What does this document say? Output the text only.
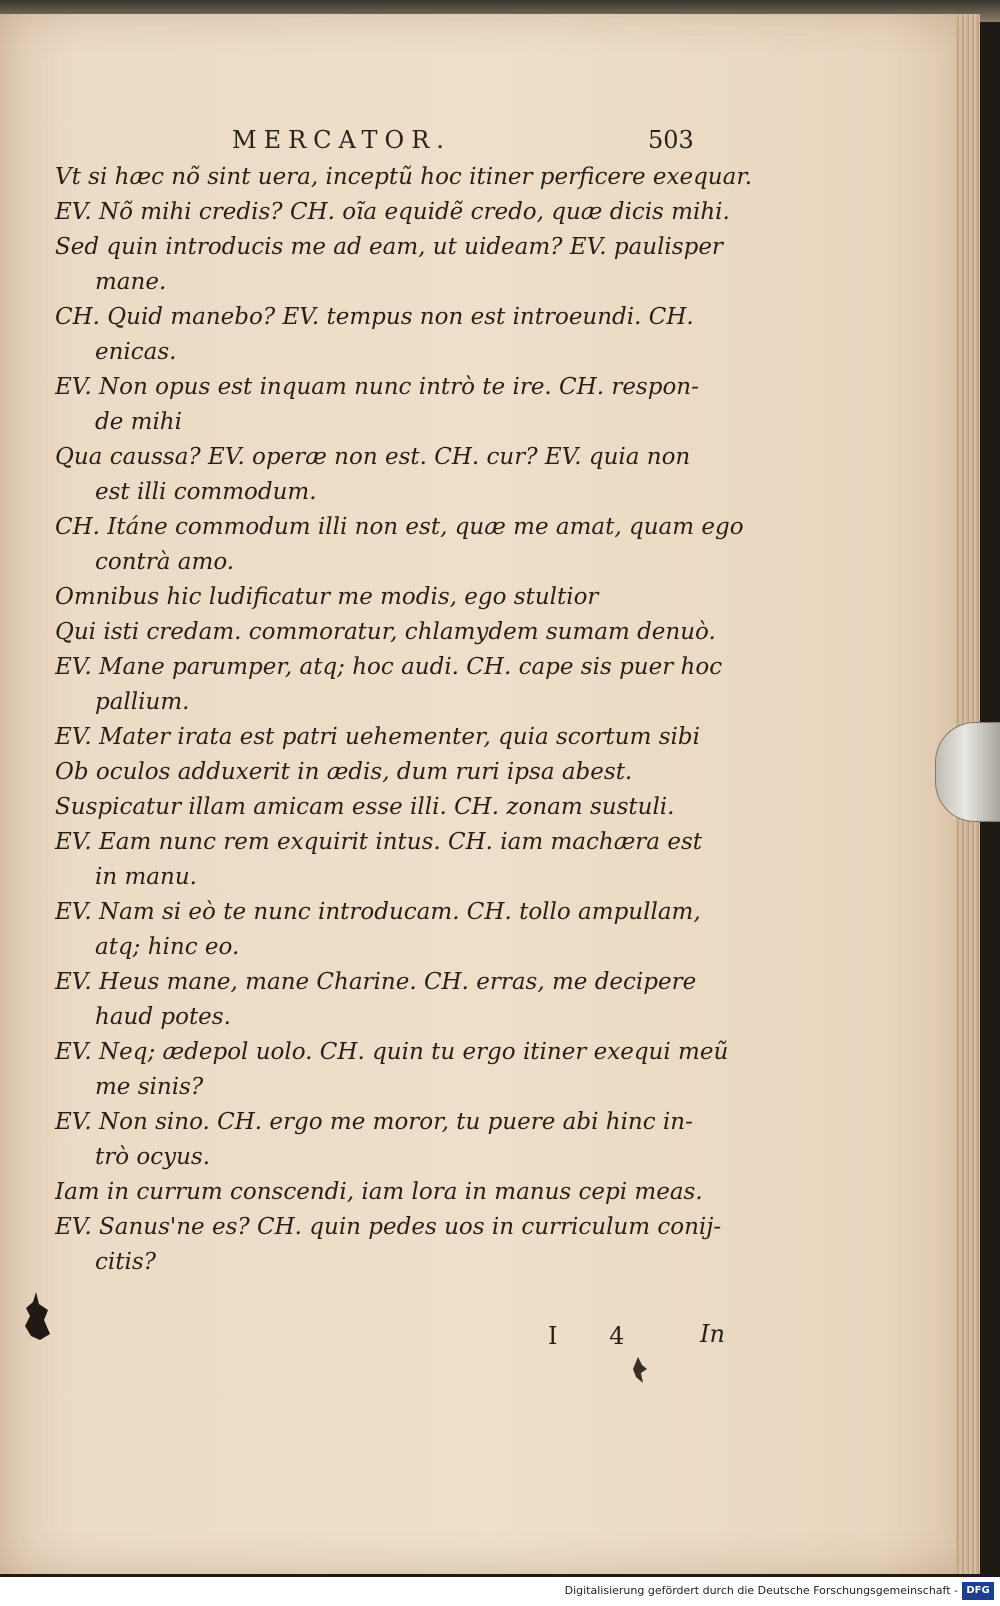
MERCATOR.	503
Vt si hæc nõ sint uera, inceptũ hoc itiner perficere exequar.
EV. Nõ mihi credis? CH. oĩa equidẽ credo, quæ dicis mihi.
Sed quin introducis me ad eam, ut uideam? EV. paulisper
mane.
CH. Quid manebo? EV. tempus non est introeundi. CH.
enicas.
EV. Non opus est inquam nunc intrò te ire. CH. respon-
de mihi
Qua caussa? EV. operæ non est. CH. cur? EV. quia non
est illi commodum.
CH. Itáne commodum illi non est, quæ me amat, quam ego
contrà amo.
Omnibus hic ludificatur me modis, ego stultior
Qui isti credam. commoratur, chlamydem sumam denuò.
EV. Mane parumper, atq; hoc audi. CH. cape sis puer hoc
pallium.
EV. Mater irata est patri uehementer, quia scortum sibi
Ob oculos adduxerit in ædis, dum ruri ipsa abest.
Suspicatur illam amicam esse illi. CH. zonam sustuli.
EV. Eam nunc rem exquirit intus. CH. iam machæra est
in manu.
EV. Nam si eò te nunc introducam. CH. tollo ampullam,
atq; hinc eo.
EV. Heus mane, mane Charine. CH. erras, me decipere
haud potes.
EV. Neq; ædepol uolo. CH. quin tu ergo itiner exequi meũ
me sinis?
EV. Non sino. CH. ergo me moror, tu puere abi hinc in-
trò ocyus.
Iam in currum conscendi, iam lora in manus cepi meas.
EV. Sanus'ne es? CH. quin pedes uos in curriculum conij-
citis?
I 4 In
Digitalisierung gefördert durch die Deutsche Forschungsgemeinschaft - DFG
